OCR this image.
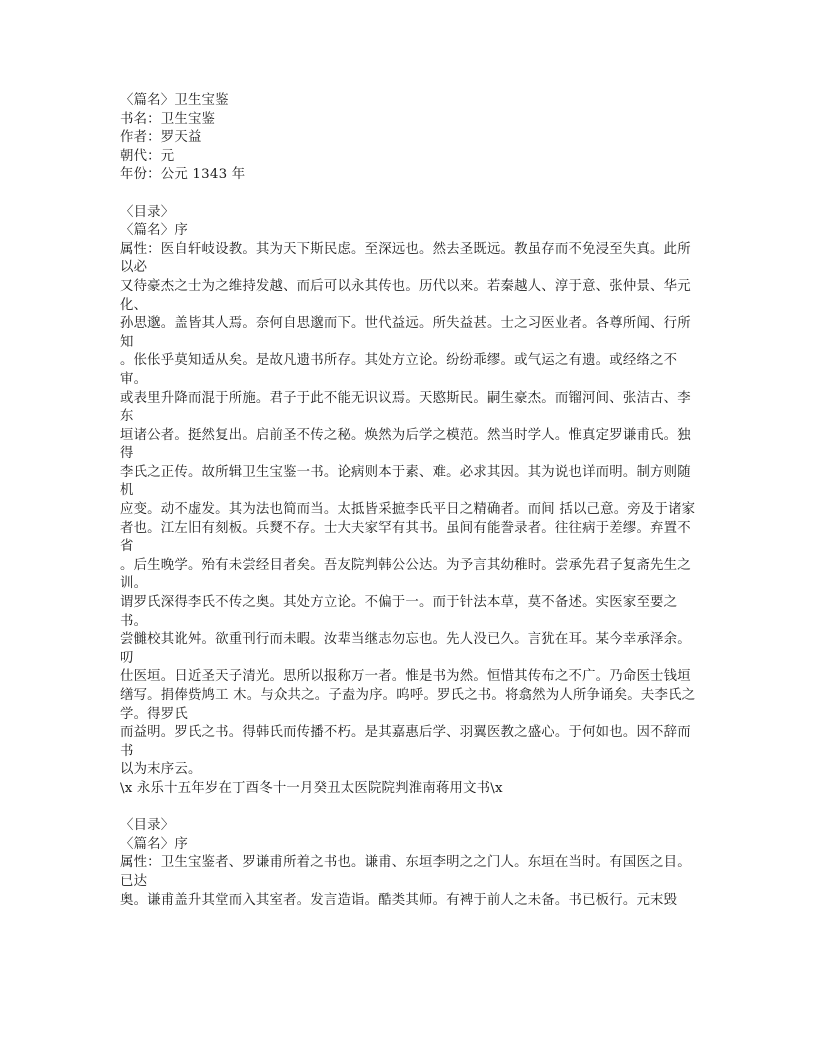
〈篇名〉卫生宝鉴
书名：卫生宝鉴
作者：罗天益
朝代：元
年份：公元 1343 年
〈目录〉
〈篇名〉序
属性：医自轩岐设教。其为天下斯民虑。至深远也。然去圣既远。教虽存而不免浸至失真。此所以必
又待豪杰之士为之维持发越、而后可以永其传也。历代以来。若秦越人、淳于意、张仲景、华元化、
孙思邈。盖皆其人焉。奈何自思邈而下。世代益远。所失益甚。士之习医业者。各尊所闻、行所知
。伥伥乎莫知适从矣。是故凡遗书所存。其处方立论。纷纷乖缪。或气运之有遗。或经络之不审。
或表里升降而混于所施。君子于此不能无识议焉。天愍斯民。嗣生豪杰。而镏河间、张洁古、李东
垣诸公者。挺然复出。启前圣不传之秘。焕然为后学之模范。然当时学人。惟真定罗谦甫氏。独得
李氏之正传。故所辑卫生宝鉴一书。论病则本于素、难。必求其因。其为说也详而明。制方则随机
应变。动不虚发。其为法也简而当。太抵皆采摭李氏平日之精确者。而间 括以己意。旁及于诸家
者也。江左旧有刻板。兵燹不存。士大夫家罕有其书。虽间有能誊录者。往往病于差缪。弃置不省
。后生晚学。殆有未尝经目者矣。吾友院判韩公公达。为予言其幼稚时。尝承先君子复斋先生之训。
谓罗氏深得李氏不传之奥。其处方立论。不偏于一。而于针法本草，莫不备述。实医家至要之书。
尝雠校其讹舛。欲重刊行而未暇。汝辈当继志勿忘也。先人没已久。言犹在耳。某今幸承泽余。叨
仕医垣。日近圣天子清光。思所以报称万一者。惟是书为然。恒惜其传布之不广。乃命医士钱垣
缮写。捐俸赀鸠工 木。与众共之。子盍为序。呜呼。罗氏之书。将翕然为人所争诵矣。夫李氏之
学。得罗氏
而益明。罗氏之书。得韩氏而传播不朽。是其嘉惠后学、羽翼医教之盛心。于何如也。因不辞而书
以为末序云。
\x 永乐十五年岁在丁酉冬十一月癸丑太医院院判淮南蒋用文书\x
〈目录〉
〈篇名〉序
属性：卫生宝鉴者、罗谦甫所着之书也。谦甫、东垣李明之之门人。东垣在当时。有国医之目。已达
奥。谦甫盖升其堂而入其室者。发言造诣。酷类其师。有裨于前人之未备。书已板行。元末毁
